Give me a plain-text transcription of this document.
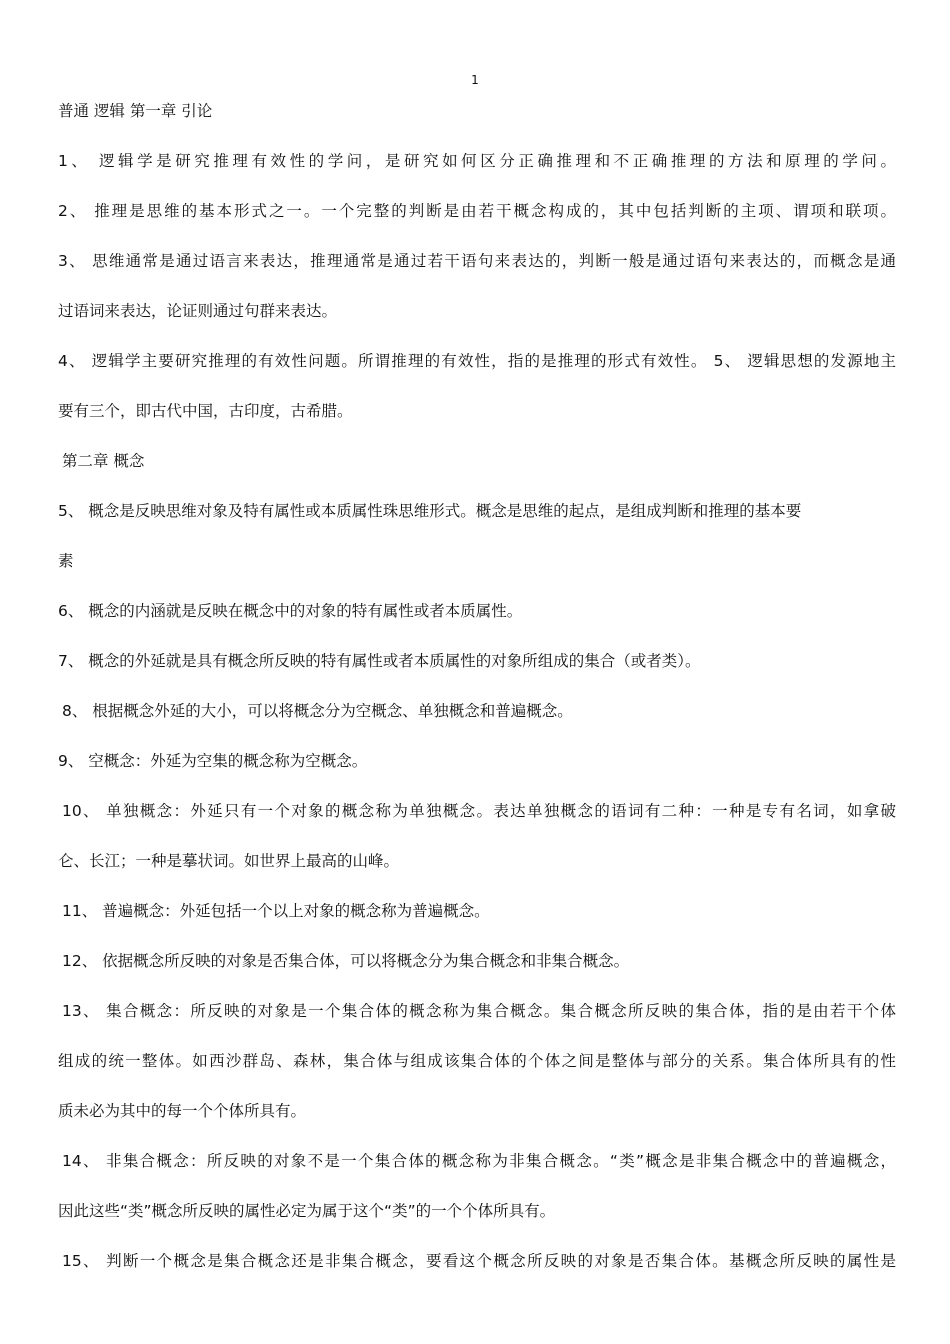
1
普通 逻辑 第一章 引论
1、 逻辑学是研究推理有效性的学问，是研究如何区分正确推理和不正确推理的方法和原理的学问。
2、 推理是思维的基本形式之一。一个完整的判断是由若干概念构成的，其中包括判断的主项、谓项和联项。
3、 思维通常是通过语言来表达，推理通常是通过若干语句来表达的，判断一般是通过语句来表达的，而概念是通
过语词来表达，论证则通过句群来表达。
4、 逻辑学主要研究推理的有效性问题。所谓推理的有效性，指的是推理的形式有效性。 5、 逻辑思想的发源地主
要有三个，即古代中国，古印度，古希腊。
第二章 概念
5、 概念是反映思维对象及特有属性或本质属性珠思维形式。概念是思维的起点，是组成判断和推理的基本要
素
6、 概念的内涵就是反映在概念中的对象的特有属性或者本质属性。
7、 概念的外延就是具有概念所反映的特有属性或者本质属性的对象所组成的集合（或者类）。
8、 根据概念外延的大小，可以将概念分为空概念、单独概念和普遍概念。
9、 空概念：外延为空集的概念称为空概念。
10、 单独概念：外延只有一个对象的概念称为单独概念。表达单独概念的语词有二种：一种是专有名词，如拿破
仑、长江；一种是摹状词。如世界上最高的山峰。
11、 普遍概念：外延包括一个以上对象的概念称为普遍概念。
12、 依据概念所反映的对象是否集合体，可以将概念分为集合概念和非集合概念。
13、 集合概念：所反映的对象是一个集合体的概念称为集合概念。集合概念所反映的集合体，指的是由若干个体
组成的统一整体。如西沙群岛、森林，集合体与组成该集合体的个体之间是整体与部分的关系。集合体所具有的性
质未必为其中的每一个个体所具有。
14、 非集合概念：所反映的对象不是一个集合体的概念称为非集合概念。“类”概念是非集合概念中的普遍概念，
因此这些“类”概念所反映的属性必定为属于这个“类”的一个个体所具有。
15、 判断一个概念是集合概念还是非集合概念，要看这个概念所反映的对象是否集合体。基概念所反映的属性是
